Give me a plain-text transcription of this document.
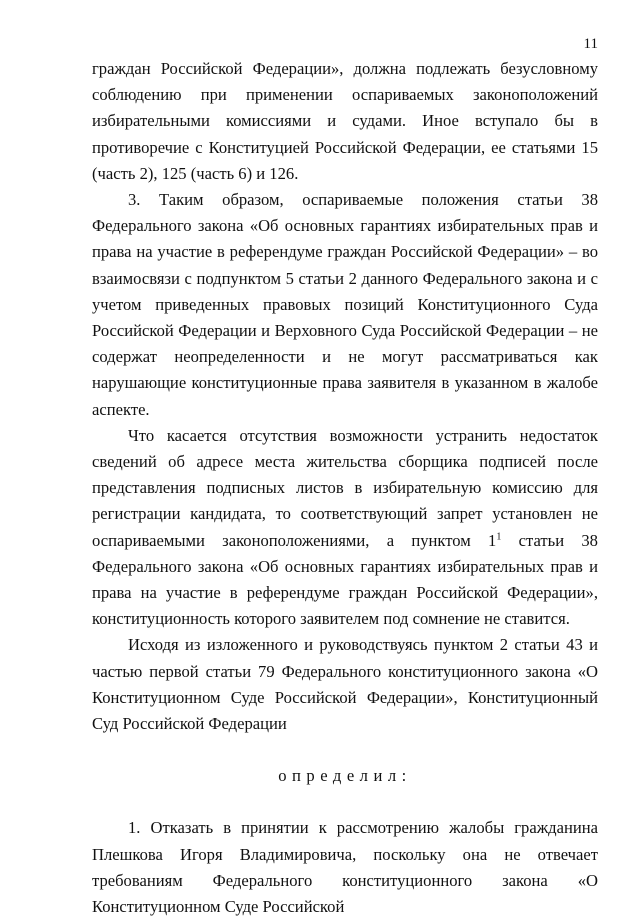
11

граждан Российской Федерации», должна подлежать безусловному соблюдению при применении оспариваемых законоположений избирательными комиссиями и судами. Иное вступало бы в противоречие с Конституцией Российской Федерации, ее статьями 15 (часть 2), 125 (часть 6) и 126.

3. Таким образом, оспариваемые положения статьи 38 Федерального закона «Об основных гарантиях избирательных прав и права на участие в референдуме граждан Российской Федерации» – во взаимосвязи с подпунктом 5 статьи 2 данного Федерального закона и с учетом приведенных правовых позиций Конституционного Суда Российской Федерации и Верховного Суда Российской Федерации – не содержат неопределенности и не могут рассматриваться как нарушающие конституционные права заявителя в указанном в жалобе аспекте.

Что касается отсутствия возможности устранить недостаток сведений об адресе места жительства сборщика подписей после представления подписных листов в избирательную комиссию для регистрации кандидата, то соответствующий запрет установлен не оспариваемыми законоположениями, а пунктом $1^1$ статьи 38 Федерального закона «Об основных гарантиях избирательных прав и права на участие в референдуме граждан Российской Федерации», конституционность которого заявителем под сомнение не ставится.

Исходя из изложенного и руководствуясь пунктом 2 статьи 43 и частью первой статьи 79 Федерального конституционного закона «О Конституционном Суде Российской Федерации», Конституционный Суд Российской Федерации

определил:

1. Отказать в принятии к рассмотрению жалобы гражданина Плешкова Игоря Владимировича, поскольку она не отвечает требованиям Федерального конституционного закона «О Конституционном Суде Российской
